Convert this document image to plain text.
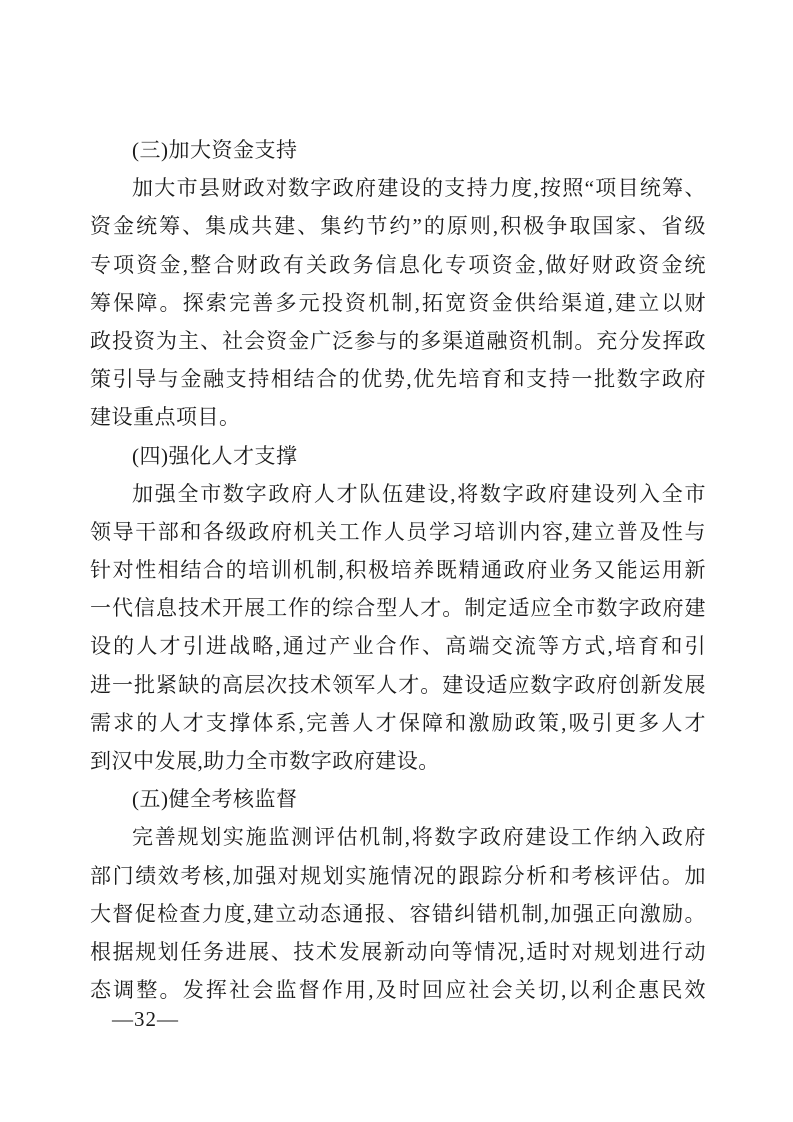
(三)加大资金支持
加大市县财政对数字政府建设的支持力度,按照“项目统筹、
资金统筹、集成共建、集约节约”的原则,积极争取国家、省级
专项资金,整合财政有关政务信息化专项资金,做好财政资金统
筹保障。探索完善多元投资机制,拓宽资金供给渠道,建立以财
政投资为主、社会资金广泛参与的多渠道融资机制。充分发挥政
策引导与金融支持相结合的优势,优先培育和支持一批数字政府
建设重点项目。
(四)强化人才支撑
加强全市数字政府人才队伍建设,将数字政府建设列入全市
领导干部和各级政府机关工作人员学习培训内容,建立普及性与
针对性相结合的培训机制,积极培养既精通政府业务又能运用新
一代信息技术开展工作的综合型人才。制定适应全市数字政府建
设的人才引进战略,通过产业合作、高端交流等方式,培育和引
进一批紧缺的高层次技术领军人才。建设适应数字政府创新发展
需求的人才支撑体系,完善人才保障和激励政策,吸引更多人才
到汉中发展,助力全市数字政府建设。
(五)健全考核监督
完善规划实施监测评估机制,将数字政府建设工作纳入政府
部门绩效考核,加强对规划实施情况的跟踪分析和考核评估。加
大督促检查力度,建立动态通报、容错纠错机制,加强正向激励。
根据规划任务进展、技术发展新动向等情况,适时对规划进行动
态调整。发挥社会监督作用,及时回应社会关切,以利企惠民效
—32—
